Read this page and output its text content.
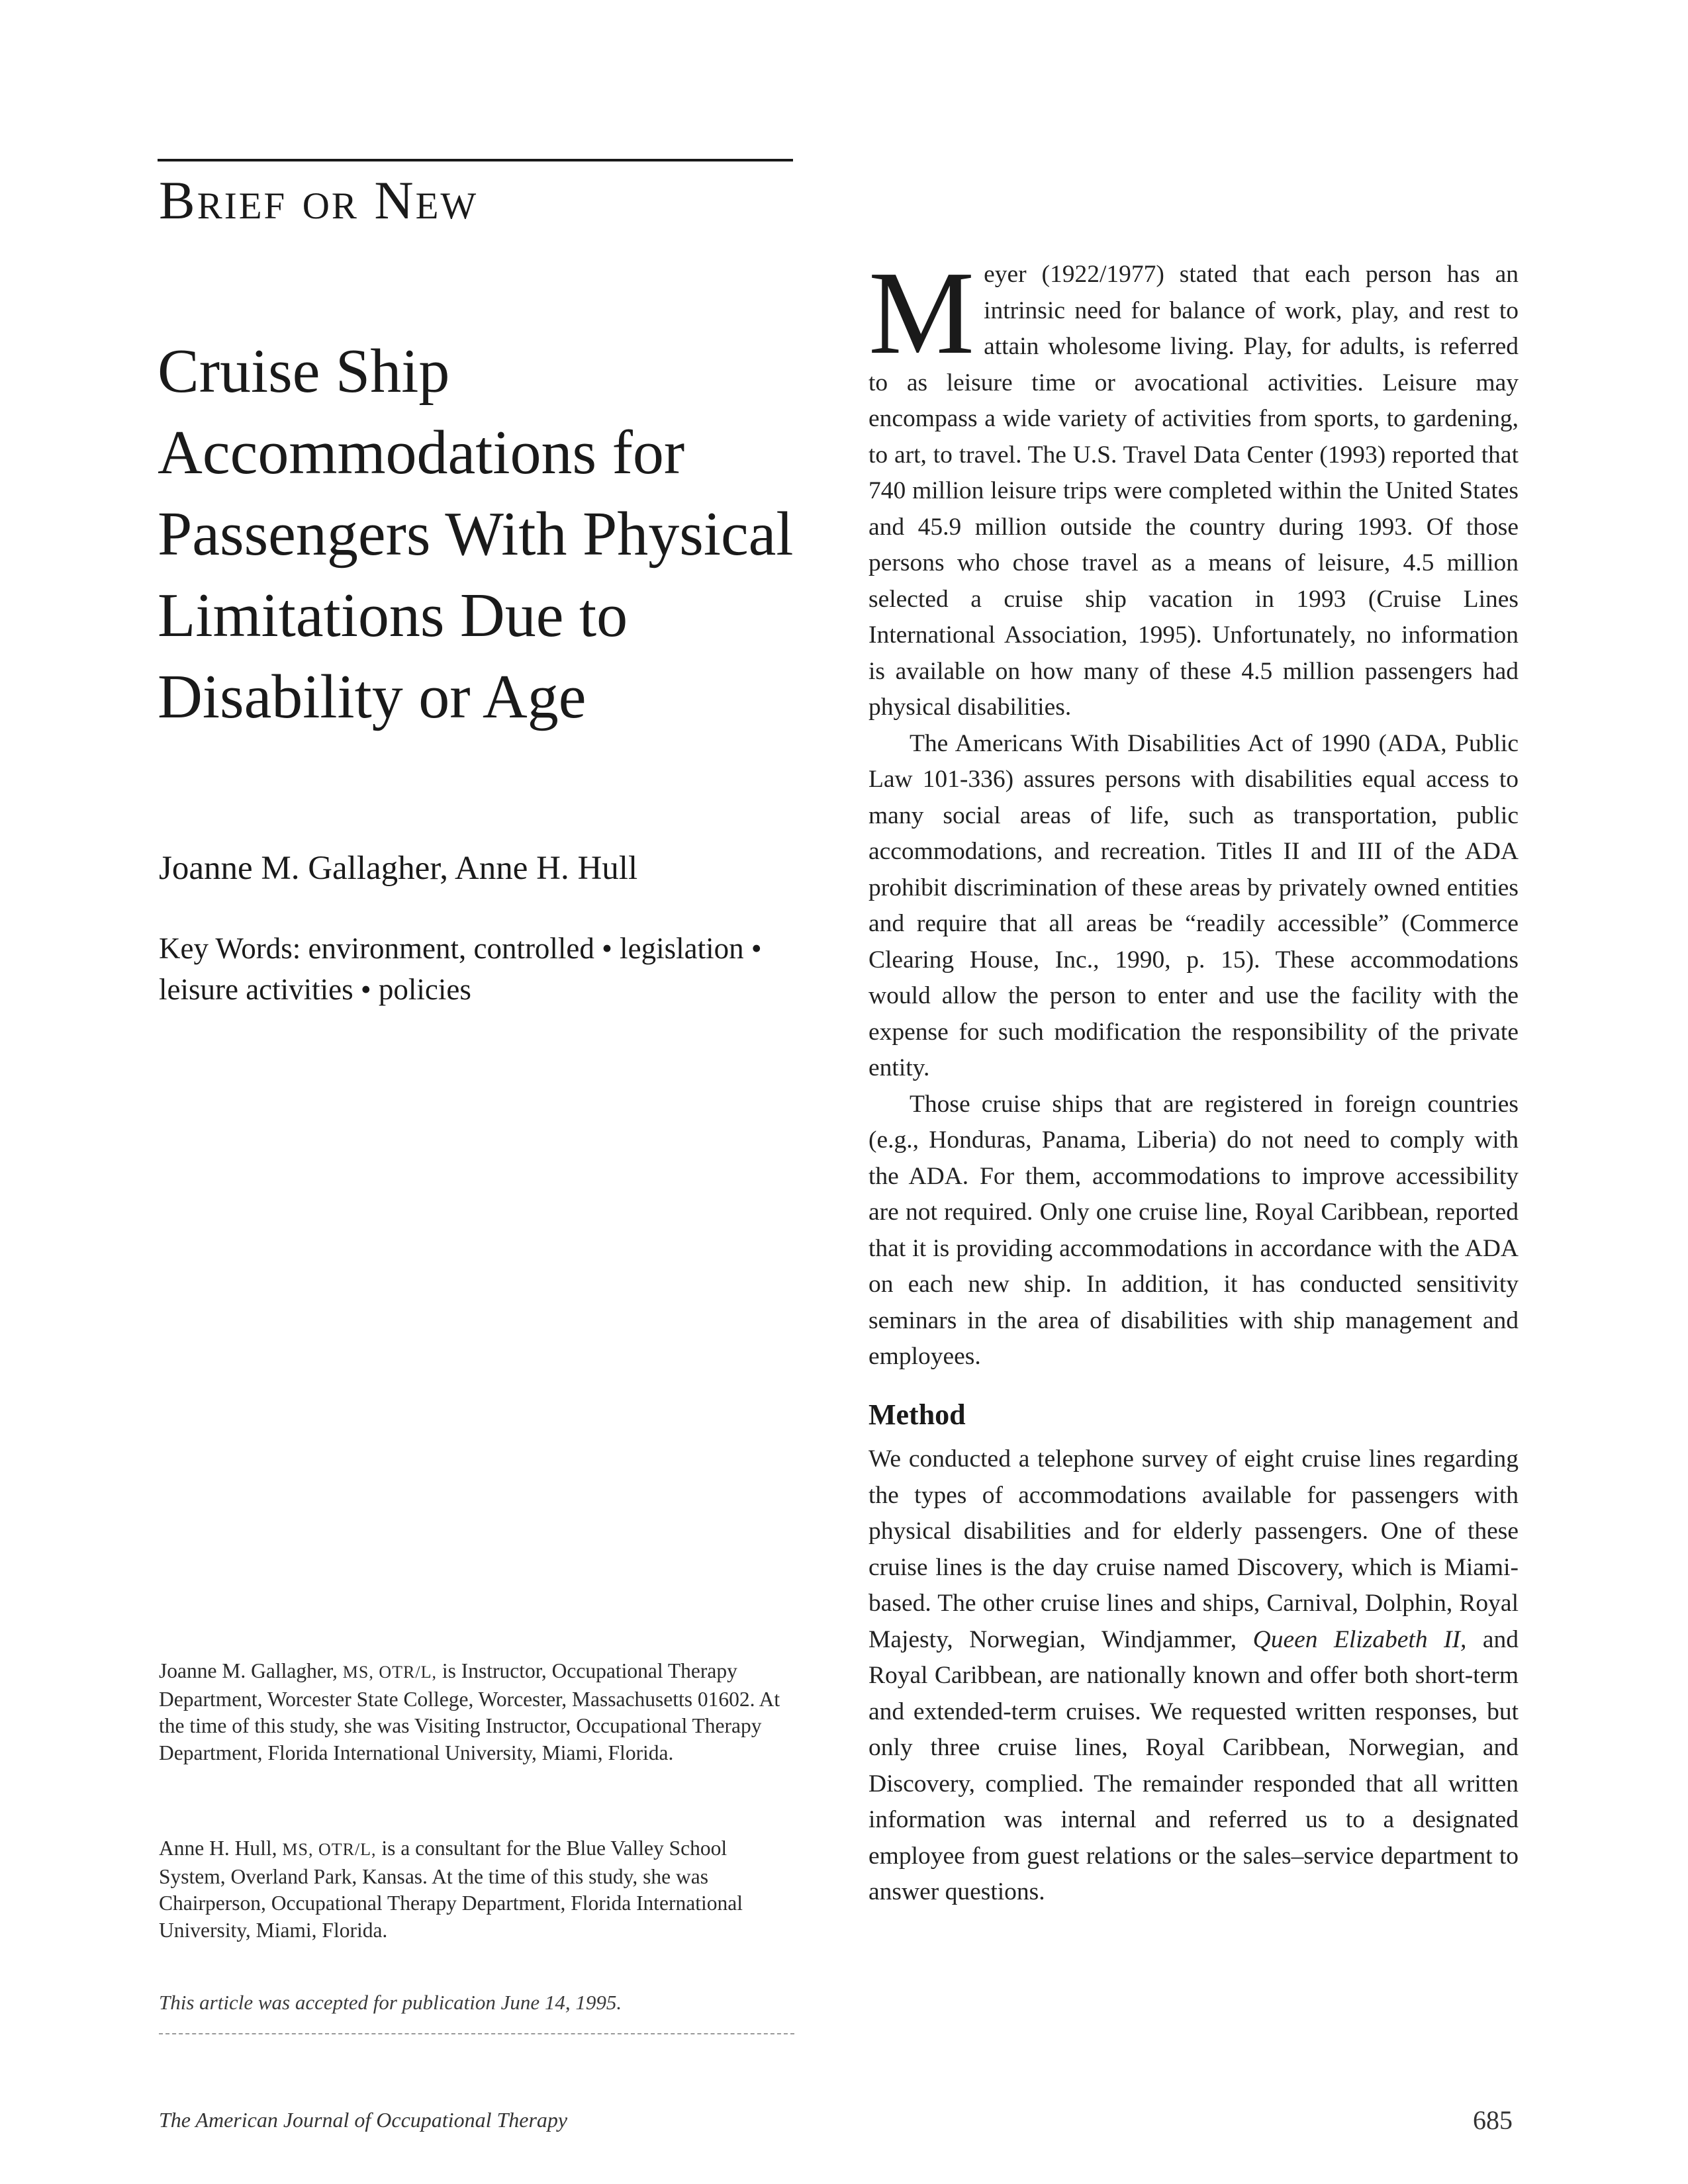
Brief or New
Cruise Ship Accommodations for Passengers With Physical Limitations Due to Disability or Age
Joanne M. Gallagher, Anne H. Hull
Key Words: environment, controlled • legislation • leisure activities • policies
Joanne M. Gallagher, MS, OTR/L, is Instructor, Occupational Therapy Department, Worcester State College, Worcester, Massachusetts 01602. At the time of this study, she was Visiting Instructor, Occupational Therapy Department, Florida International University, Miami, Florida.
Anne H. Hull, MS, OTR/L, is a consultant for the Blue Valley School System, Overland Park, Kansas. At the time of this study, she was Chairperson, Occupational Therapy Department, Florida International University, Miami, Florida.
This article was accepted for publication June 14, 1995.

Meyer (1922/1977) stated that each person has an intrinsic need for balance of work, play, and rest to attain wholesome living. Play, for adults, is referred to as leisure time or avocational activities. Leisure may encompass a wide variety of activities from sports, to gardening, to art, to travel. The U.S. Travel Data Center (1993) reported that 740 million leisure trips were completed within the United States and 45.9 million outside the country during 1993. Of those persons who chose travel as a means of leisure, 4.5 million selected a cruise ship vacation in 1993 (Cruise Lines International Association, 1995). Unfortunately, no information is available on how many of these 4.5 million passengers had physical disabilities.

The Americans With Disabilities Act of 1990 (ADA, Public Law 101-336) assures persons with disabilities equal access to many social areas of life, such as transportation, public accommodations, and recreation. Titles II and III of the ADA prohibit discrimination of these areas by privately owned entities and require that all areas be “readily accessible” (Commerce Clearing House, Inc., 1990, p. 15). These accommodations would allow the person to enter and use the facility with the expense for such modification the responsibility of the private entity.

Those cruise ships that are registered in foreign countries (e.g., Honduras, Panama, Liberia) do not need to comply with the ADA. For them, accommodations to improve accessibility are not required. Only one cruise line, Royal Caribbean, reported that it is providing accommodations in accordance with the ADA on each new ship. In addition, it has conducted sensitivity seminars in the area of disabilities with ship management and employees.

Method

We conducted a telephone survey of eight cruise lines regarding the types of accommodations available for passengers with physical disabilities and for elderly passengers. One of these cruise lines is the day cruise named Discovery, which is Miami-based. The other cruise lines and ships, Carnival, Dolphin, Royal Majesty, Norwegian, Windjammer, Queen Elizabeth II, and Royal Caribbean, are nationally known and offer both short-term and extended-term cruises. We requested written responses, but only three cruise lines, Royal Caribbean, Norwegian, and Discovery, complied. The remainder responded that all written information was internal and referred us to a designated employee from guest relations or the sales–service department to answer questions.

The American Journal of Occupational Therapy	685
